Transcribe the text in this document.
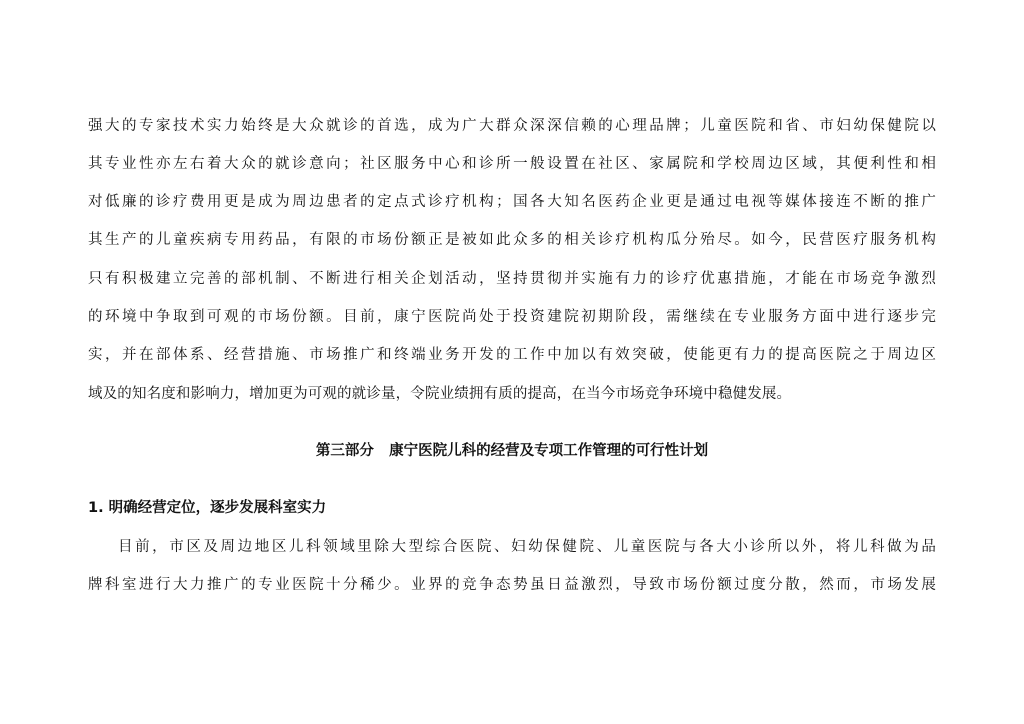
强大的专家技术实力始终是大众就诊的首选，成为广大群众深深信赖的心理品牌；儿童医院和省、市妇幼保健院以
其专业性亦左右着大众的就诊意向；社区服务中心和诊所一般设置在社区、家属院和学校周边区域，其便利性和相
对低廉的诊疗费用更是成为周边患者的定点式诊疗机构；国各大知名医药企业更是通过电视等媒体接连不断的推广
其生产的儿童疾病专用药品，有限的市场份额正是被如此众多的相关诊疗机构瓜分殆尽。如今，民营医疗服务机构
只有积极建立完善的部机制、不断进行相关企划活动，坚持贯彻并实施有力的诊疗优惠措施，才能在市场竞争激烈
的环境中争取到可观的市场份额。目前，康宁医院尚处于投资建院初期阶段，需继续在专业服务方面中进行逐步完
实，并在部体系、经营措施、市场推广和终端业务开发的工作中加以有效突破，使能更有力的提高医院之于周边区
域及的知名度和影响力，增加更为可观的就诊量，令院业绩拥有质的提高，在当今市场竞争环境中稳健发展。
第三部分   康宁医院儿科的经营及专项工作管理的可行性计划
1. 明确经营定位，逐步发展科室实力
目前，市区及周边地区儿科领域里除大型综合医院、妇幼保健院、儿童医院与各大小诊所以外，将儿科做为品
牌科室进行大力推广的专业医院十分稀少。业界的竞争态势虽日益激烈，导致市场份额过度分散，然而，市场发展
